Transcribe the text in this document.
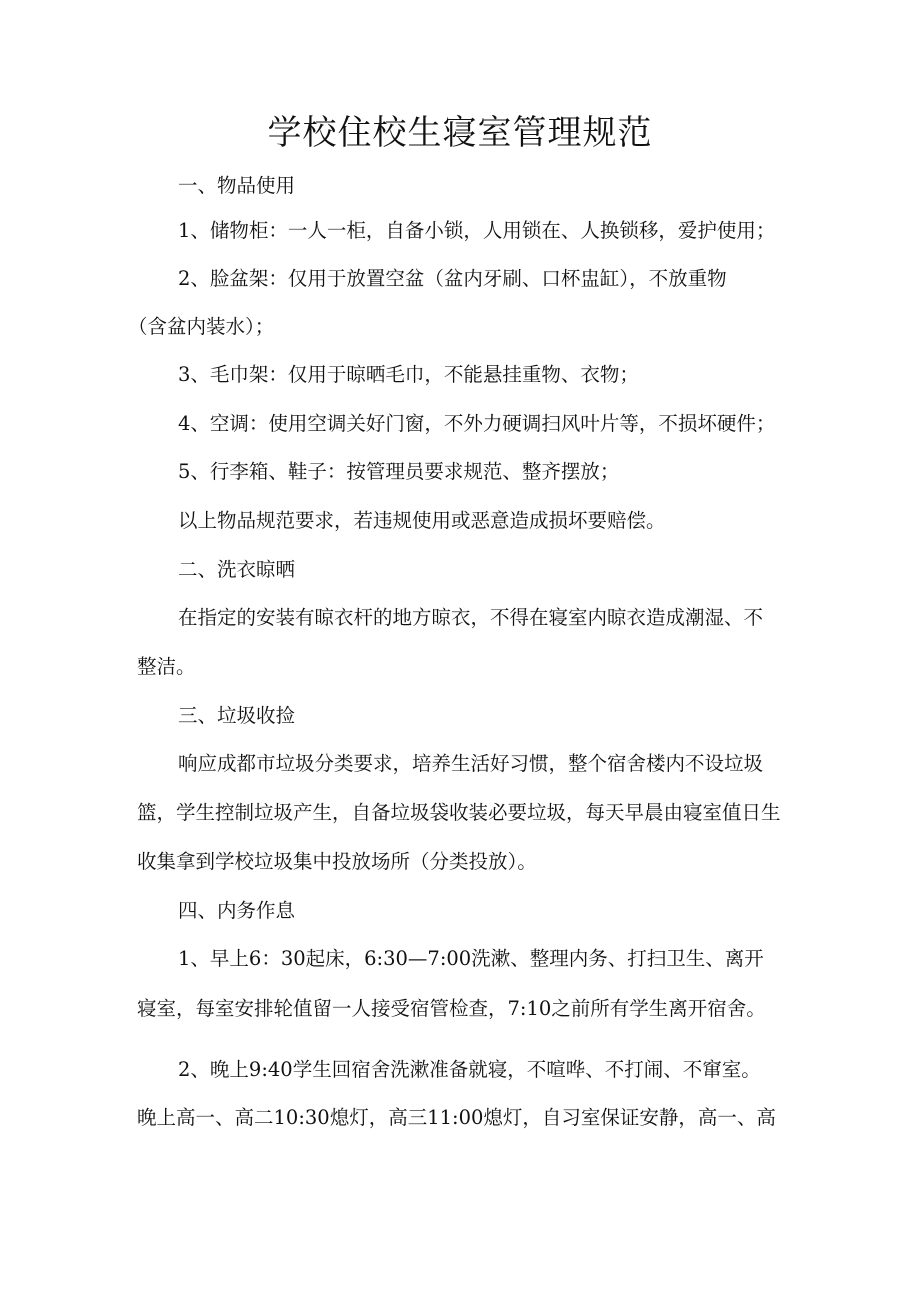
学校住校生寝室管理规范

一、物品使用

1、储物柜：一人一柜，自备小锁，人用锁在、人换锁移，爱护使用；

2、脸盆架：仅用于放置空盆（盆内牙刷、口杯盅缸），不放重物

（含盆内装水）；

3、毛巾架：仅用于晾晒毛巾，不能悬挂重物、衣物；

4、空调：使用空调关好门窗，不外力硬调扫风叶片等，不损坏硬件；

5、行李箱、鞋子：按管理员要求规范、整齐摆放；

以上物品规范要求，若违规使用或恶意造成损坏要赔偿。

二、洗衣晾晒

在指定的安装有晾衣杆的地方晾衣，不得在寝室内晾衣造成潮湿、不

整洁。

三、垃圾收捡

响应成都市垃圾分类要求，培养生活好习惯，整个宿舍楼内不设垃圾

篮，学生控制垃圾产生，自备垃圾袋收装必要垃圾，每天早晨由寝室值日生

收集拿到学校垃圾集中投放场所（分类投放）。

四、内务作息

1、早上6：30起床，6:30—7:00洗漱、整理内务、打扫卫生、离开

寝室，每室安排轮值留一人接受宿管检查，7:10之前所有学生离开宿舍。

2、晚上9:40学生回宿舍洗漱准备就寝，不喧哗、不打闹、不窜室。

晚上高一、高二10:30熄灯，高三11:00熄灯，自习室保证安静，高一、高
